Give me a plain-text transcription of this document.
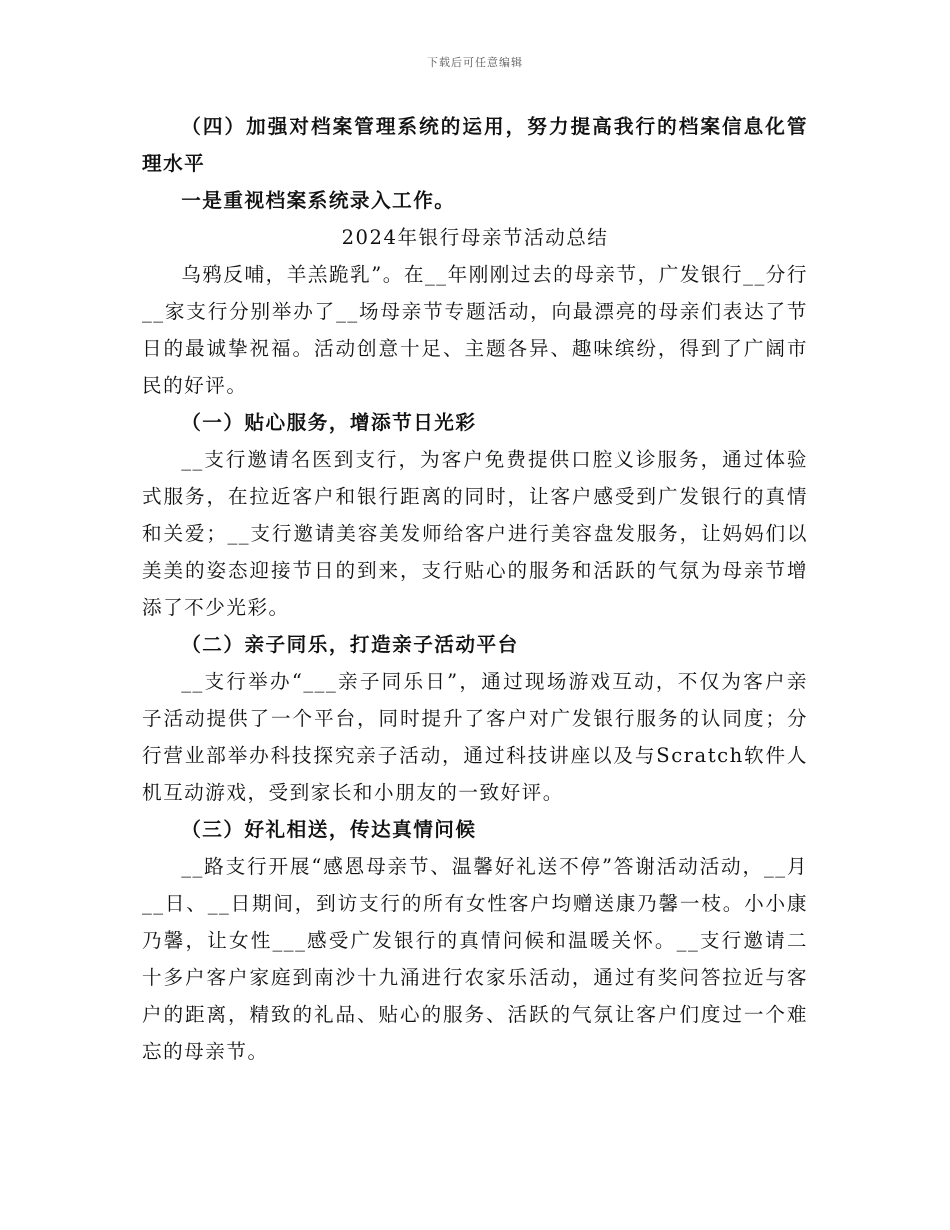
下载后可任意编辑

（四）加强对档案管理系统的运用，努力提高我行的档案信息化管理水平

一是重视档案系统录入工作。

2024年银行母亲节活动总结

乌鸦反哺，羊羔跪乳”。在__年刚刚过去的母亲节，广发银行__分行__家支行分别举办了__场母亲节专题活动，向最漂亮的母亲们表达了节日的最诚挚祝福。活动创意十足、主题各异、趣味缤纷，得到了广阔市民的好评。

（一）贴心服务，增添节日光彩

__支行邀请名医到支行，为客户免费提供口腔义诊服务，通过体验式服务，在拉近客户和银行距离的同时，让客户感受到广发银行的真情和关爱；__支行邀请美容美发师给客户进行美容盘发服务，让妈妈们以美美的姿态迎接节日的到来，支行贴心的服务和活跃的气氛为母亲节增添了不少光彩。

（二）亲子同乐，打造亲子活动平台

__支行举办“___亲子同乐日”，通过现场游戏互动，不仅为客户亲子活动提供了一个平台，同时提升了客户对广发银行服务的认同度；分行营业部举办科技探究亲子活动，通过科技讲座以及与Scratch软件人机互动游戏，受到家长和小朋友的一致好评。

（三）好礼相送，传达真情问候

__路支行开展“感恩母亲节、温馨好礼送不停”答谢活动活动，__月__日、__日期间，到访支行的所有女性客户均赠送康乃馨一枝。小小康乃馨，让女性___感受广发银行的真情问候和温暖关怀。__支行邀请二十多户客户家庭到南沙十九涌进行农家乐活动，通过有奖问答拉近与客户的距离，精致的礼品、贴心的服务、活跃的气氛让客户们度过一个难忘的母亲节。
